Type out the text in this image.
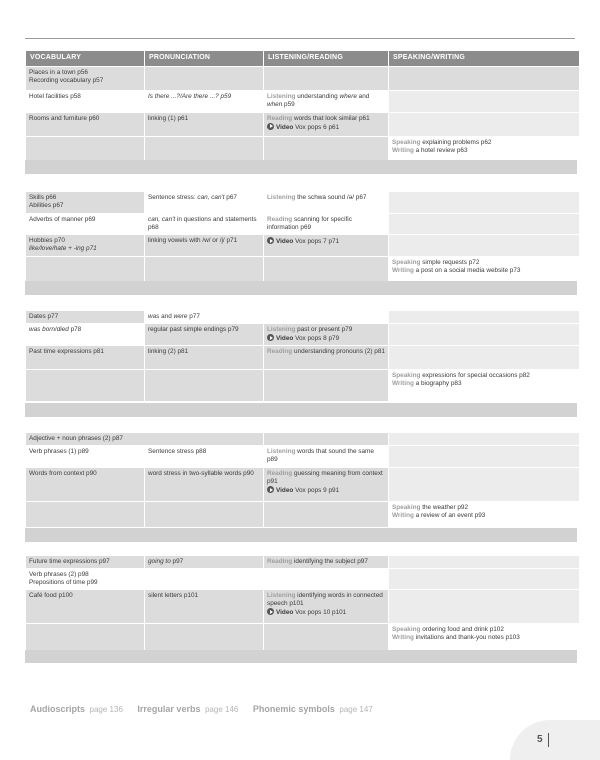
VOCABULARY	PRONUNCIATION	LISTENING/READING	SPEAKING/WRITING

Places in a town p56
Recording vocabulary p57			

Hotel facilities p58	Is there ...?/Are there ...? p59	Listening understanding where and
when p59	
Rooms and furniture p60	linking (1) p61	Reading words that look similar p61
Video Vox pops 6 p61	
			Speaking explaining problems p62
Writing a hotel review p63
Skills p66
Abilities p67	Sentence stress: can, can't p67	Listening the schwa sound /ə/ p67	
Adverbs of manner p69	can, can't in questions and statements p68	Reading scanning for specific information p69	

Hobbies p70
like/love/hate + -ing p71	linking vowels with /w/ or /j/ p71	Video Vox pops 7 p71	
			Speaking simple requests p72
Writing a post on a social media website p73
Dates p77	was and were p77		
was born/died p78	regular past simple endings p79	Listening past or present p79
Video Vox pops 8 p79	
Past time expressions p81	linking (2) p81	Reading understanding pronouns (2) p81	
			Speaking expressions for special occasions p82
Writing a biography p83
Adjective + noun phrases (2) p87			
Verb phrases (1) p89	Sentence stress p88	Listening words that sound the same p89	
Words from context p90	word stress in two-syllable words p90	Reading guessing meaning from context p91
Video Vox pops 9 p91	
			Speaking the weather p92
Writing a review of an event p93
Future time expressions p97	going to p97	Reading identifying the subject p97	

Verb phrases (2) p98
Prepositions of time p99			

Café food p100	silent letters p101	Listening identifying words in connected speech p101
Video Vox pops 10 p101	
			Speaking ordering food and drink p102
Writing invitations and thank-you notes p103
Audioscripts page 136 Irregular verbs page 146 Phonemic symbols page 147
5
